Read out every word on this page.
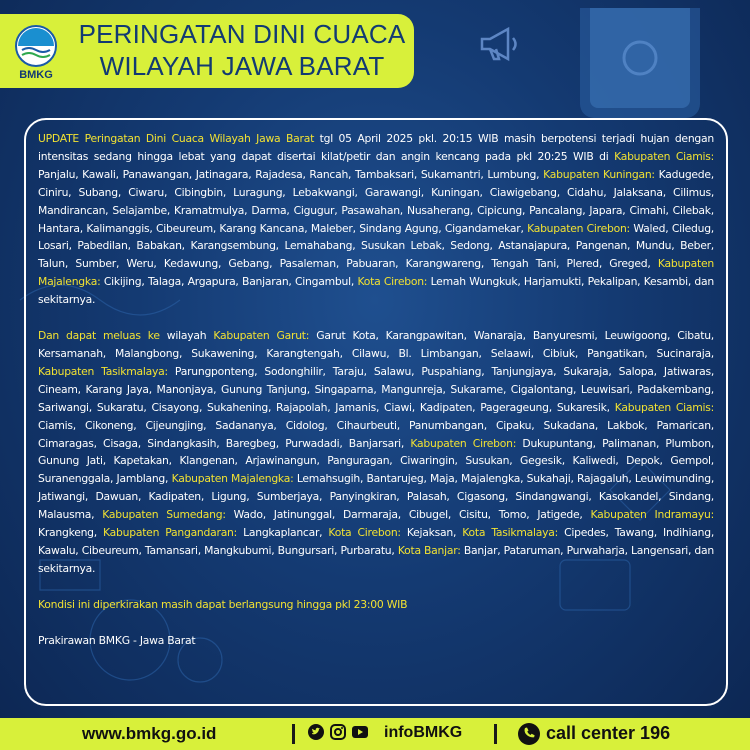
BMKG
PERINGATAN DINI CUACA
WILAYAH JAWA BARAT

UPDATE Peringatan Dini Cuaca Wilayah Jawa Barat tgl 05 April 2025 pkl. 20:15 WIB masih berpotensi terjadi hujan dengan intensitas sedang hingga lebat yang dapat disertai kilat/petir dan angin kencang pada pkl 20:25 WIB di Kabupaten Ciamis: Panjalu, Kawali, Panawangan, Jatinagara, Rajadesa, Rancah, Tambaksari, Sukamantri, Lumbung, Kabupaten Kuningan: Kadugede, Ciniru, Subang, Ciwaru, Cibingbin, Luragung, Lebakwangi, Garawangi, Kuningan, Ciawigebang, Cidahu, Jalaksana, Cilimus, Mandirancan, Selajambe, Kramatmulya, Darma, Cigugur, Pasawahan, Nusaherang, Cipicung, Pancalang, Japara, Cimahi, Cilebak, Hantara, Kalimanggis, Cibeureum, Karang Kancana, Maleber, Sindang Agung, Cigandamekar, Kabupaten Cirebon: Waled, Ciledug, Losari, Pabedilan, Babakan, Karangsembung, Lemahabang, Susukan Lebak, Sedong, Astanajapura, Pangenan, Mundu, Beber, Talun, Sumber, Weru, Kedawung, Gebang, Pasaleman, Pabuaran, Karangwareng, Tengah Tani, Plered, Greged, Kabupaten Majalengka: Cikijing, Talaga, Argapura, Banjaran, Cingambul, Kota Cirebon: Lemah Wungkuk, Harjamukti, Pekalipan, Kesambi, dan sekitarnya.

Dan dapat meluas ke wilayah Kabupaten Garut: Garut Kota, Karangpawitan, Wanaraja, Banyuresmi, Leuwigoong, Cibatu, Kersamanah, Malangbong, Sukawening, Karangtengah, Cilawu, Bl. Limbangan, Selaawi, Cibiuk, Pangatikan, Sucinaraja, Kabupaten Tasikmalaya: Parungponteng, Sodonghilir, Taraju, Salawu, Puspahiang, Tanjungjaya, Sukaraja, Salopa, Jatiwaras, Cineam, Karang Jaya, Manonjaya, Gunung Tanjung, Singaparna, Mangunreja, Sukarame, Cigalontang, Leuwisari, Padakembang, Sariwangi, Sukaratu, Cisayong, Sukahening, Rajapolah, Jamanis, Ciawi, Kadipaten, Pagerageung, Sukaresik, Kabupaten Ciamis: Ciamis, Cikoneng, Cijeungjing, Sadananya, Cidolog, Cihaurbeuti, Panumbangan, Cipaku, Sukadana, Lakbok, Pamarican, Cimaragas, Cisaga, Sindangkasih, Baregbeg, Purwadadi, Banjarsari, Kabupaten Cirebon: Dukupuntang, Palimanan, Plumbon, Gunung Jati, Kapetakan, Klangenan, Arjawinangun, Panguragan, Ciwaringin, Susukan, Gegesik, Kaliwedi, Depok, Gempol, Suranenggala, Jamblang, Kabupaten Majalengka: Lemahsugih, Bantarujeg, Maja, Majalengka, Sukahaji, Rajagaluh, Leuwimunding, Jatiwangi, Dawuan, Kadipaten, Ligung, Sumberjaya, Panyingkiran, Palasah, Cigasong, Sindangwangi, Kasokandel, Sindang, Malausma, Kabupaten Sumedang: Wado, Jatinunggal, Darmaraja, Cibugel, Cisitu, Tomo, Jatigede, Kabupaten Indramayu: Krangkeng, Kabupaten Pangandaran: Langkaplancar, Kota Cirebon: Kejaksan, Kota Tasikmalaya: Cipedes, Tawang, Indihiang, Kawalu, Cibeureum, Tamansari, Mangkubumi, Bungursari, Purbaratu, Kota Banjar: Banjar, Pataruman, Purwaharja, Langensari, dan sekitarnya.

Kondisi ini diperkirakan masih dapat berlangsung hingga pkl 23:00 WIB

Prakirawan BMKG - Jawa Barat

www.bmkg.go.id	infoBMKG	call center 196
